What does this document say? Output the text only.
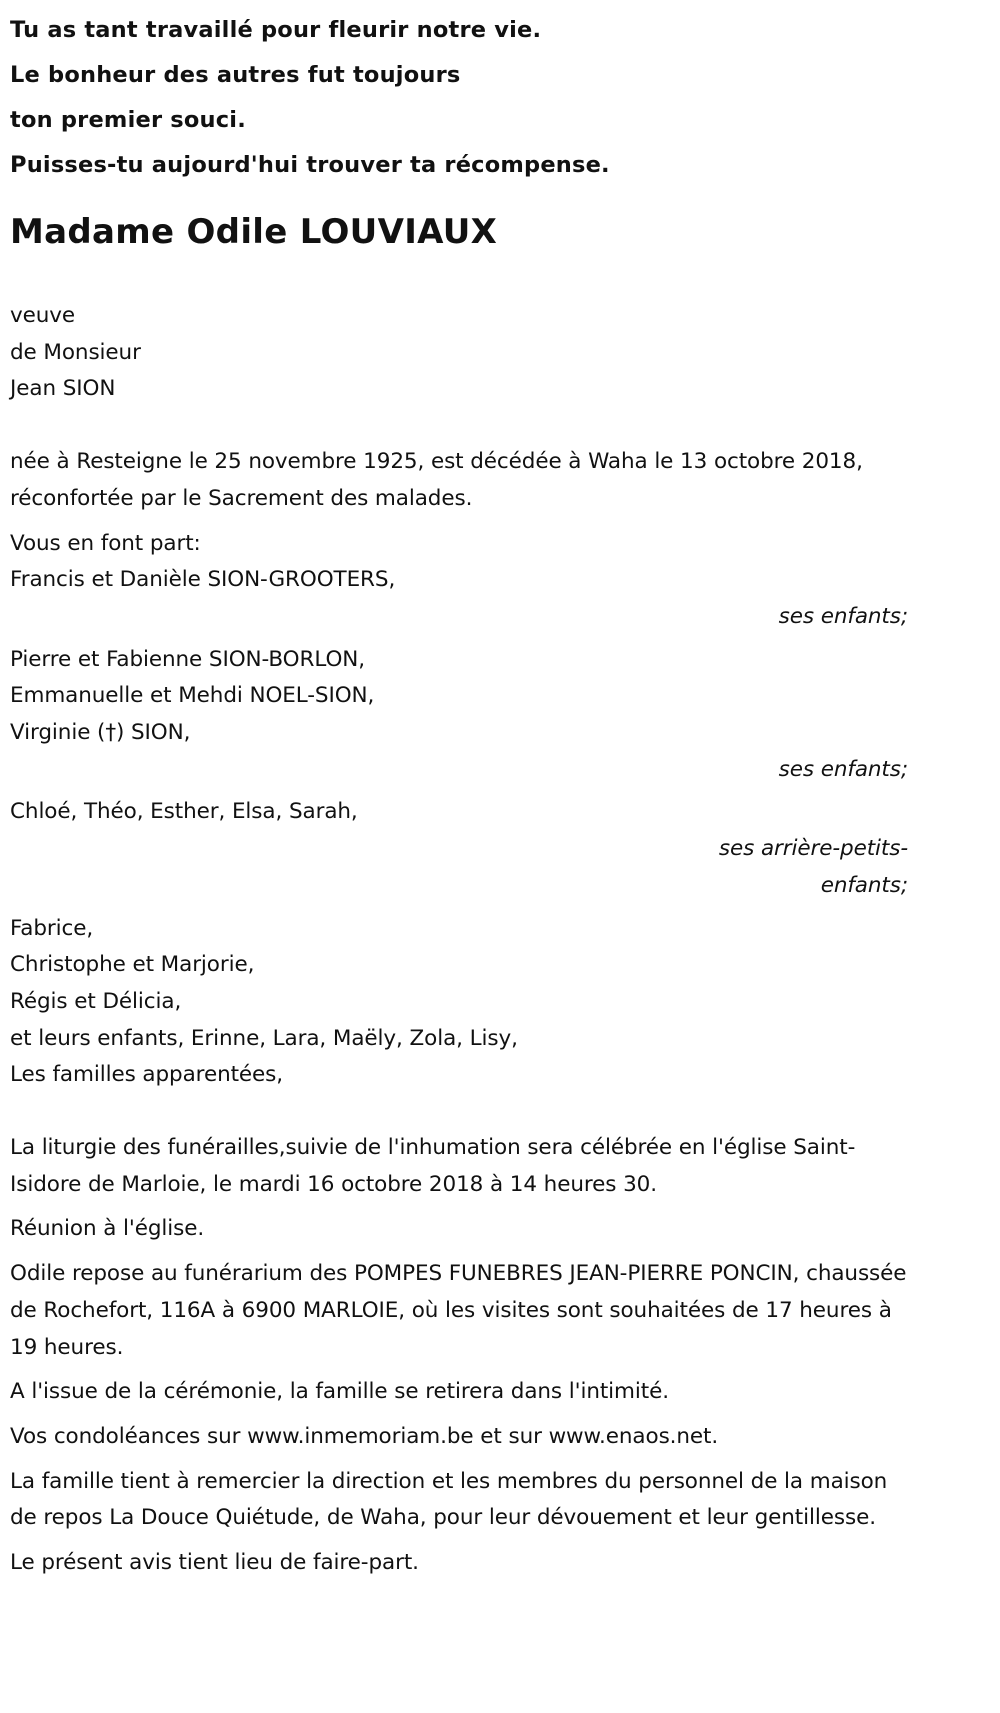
Tu as tant travaillé pour fleurir notre vie.

Le bonheur des autres fut toujours

ton premier souci.

Puisses-tu aujourd'hui trouver ta récompense.

Madame Odile LOUVIAUX
veuve
de Monsieur
Jean SION

née à Resteigne le 25 novembre 1925, est décédée à Waha le 13 octobre 2018, réconfortée par le Sacrement des malades.

Vous en font part:
Francis et Danièle SION-GROOTERS,
ses enfants;
Pierre et Fabienne SION-BORLON,
Emmanuelle et Mehdi NOEL-SION,
Virginie (†) SION,
ses enfants;
Chloé, Théo, Esther, Elsa, Sarah,
ses arrière-petits-enfants;
Fabrice,
Christophe et Marjorie,
Régis et Délicia,
et leurs enfants, Erinne, Lara, Maëly, Zola, Lisy,
Les familles apparentées,

La liturgie des funérailles,suivie de l'inhumation sera célébrée en l'église Saint-Isidore de Marloie, le mardi 16 octobre 2018 à 14 heures 30.

Réunion à l'église.

Odile repose au funérarium des POMPES FUNEBRES JEAN-PIERRE PONCIN, chaussée de Rochefort, 116A à 6900 MARLOIE, où les visites sont souhaitées de 17 heures à 19 heures.

A l'issue de la cérémonie, la famille se retirera dans l'intimité.

Vos condoléances sur www.inmemoriam.be et sur www.enaos.net.

La famille tient à remercier la direction et les membres du personnel de la maison de repos La Douce Quiétude, de Waha, pour leur dévouement et leur gentillesse.

Le présent avis tient lieu de faire-part.
